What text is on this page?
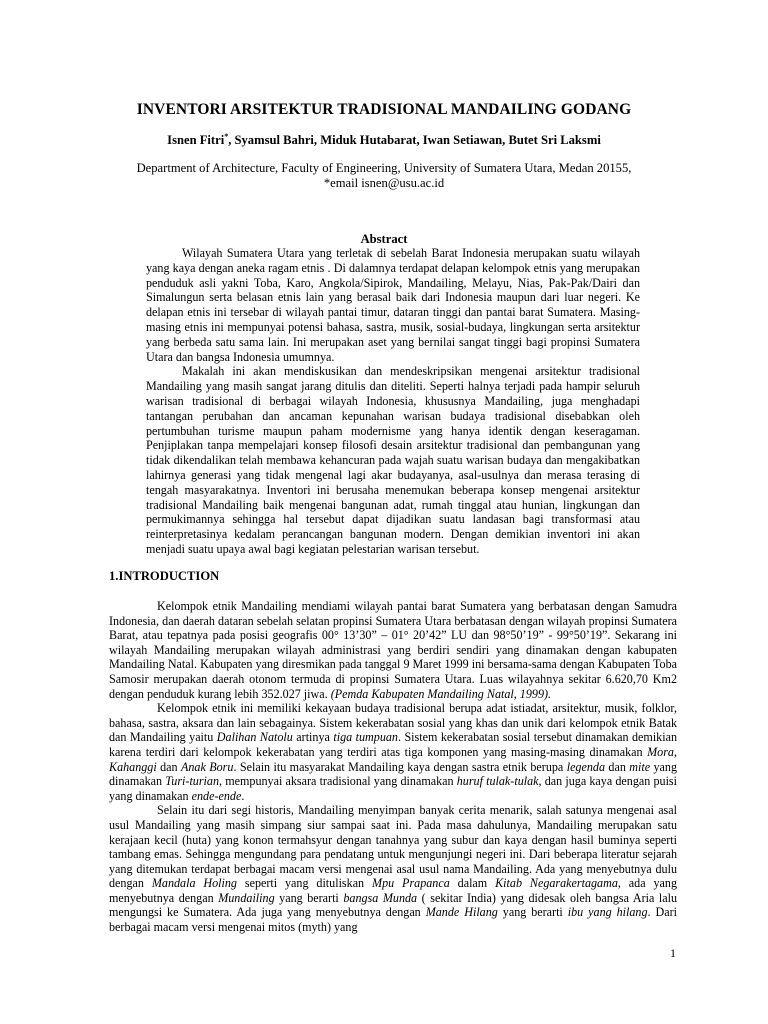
INVENTORI ARSITEKTUR TRADISIONAL MANDAILING GODANG
Isnen Fitri*, Syamsul Bahri, Miduk Hutabarat, Iwan Setiawan, Butet Sri Laksmi
Department of Architecture, Faculty of Engineering, University of Sumatera Utara, Medan 20155,
*email isnen@usu.ac.id
Abstract

Wilayah Sumatera Utara yang terletak di sebelah Barat Indonesia merupakan suatu wilayah yang kaya dengan aneka ragam etnis . Di dalamnya terdapat delapan kelompok etnis yang merupakan penduduk asli yakni Toba, Karo, Angkola/Sipirok, Mandailing, Melayu, Nias, Pak-Pak/Dairi dan Simalungun serta belasan etnis lain yang berasal baik dari Indonesia maupun dari luar negeri. Ke delapan etnis ini tersebar di wilayah pantai timur, dataran tinggi dan pantai barat Sumatera. Masing-masing etnis ini mempunyai potensi bahasa, sastra, musik, sosial-budaya, lingkungan serta arsitektur yang berbeda satu sama lain. Ini merupakan aset yang bernilai sangat tinggi bagi propinsi Sumatera Utara dan bangsa Indonesia umumnya.

Makalah ini akan mendiskusikan dan mendeskripsikan mengenai arsitektur tradisional Mandailing yang masih sangat jarang ditulis dan diteliti. Seperti halnya terjadi pada hampir seluruh warisan tradisional di berbagai wilayah Indonesia, khususnya Mandailing, juga menghadapi tantangan perubahan dan ancaman kepunahan warisan budaya tradisional disebabkan oleh pertumbuhan turisme maupun paham modernisme yang hanya identik dengan keseragaman. Penjiplakan tanpa mempelajari konsep filosofi desain arsitektur tradisional dan pembangunan yang tidak dikendalikan telah membawa kehancuran pada wajah suatu warisan budaya dan mengakibatkan lahirnya generasi yang tidak mengenal lagi akar budayanya, asal-usulnya dan merasa terasing di tengah masyarakatnya. Inventori ini berusaha menemukan beberapa konsep mengenai arsitektur tradisional Mandailing baik mengenai bangunan adat, rumah tinggal atau hunian, lingkungan dan permukimannya sehingga hal tersebut dapat dijadikan suatu landasan bagi transformasi atau reinterpretasinya kedalam perancangan bangunan modern. Dengan demikian inventori ini akan menjadi suatu upaya awal bagi kegiatan pelestarian warisan tersebut.

1.INTRODUCTION

Kelompok etnik Mandailing mendiami wilayah pantai barat Sumatera yang berbatasan dengan Samudra Indonesia, dan daerah dataran sebelah selatan propinsi Sumatera Utara berbatasan dengan wilayah propinsi Sumatera Barat, atau tepatnya pada posisi geografis 00° 13’30” – 01° 20’42” LU dan 98°50’19” - 99°50’19”. Sekarang ini wilayah Mandailing merupakan wilayah administrasi yang berdiri sendiri yang dinamakan dengan kabupaten Mandailing Natal. Kabupaten yang diresmikan pada tanggal 9 Maret 1999 ini bersama-sama dengan Kabupaten Toba Samosir merupakan daerah otonom termuda di propinsi Sumatera Utara. Luas wilayahnya sekitar 6.620,70 Km2 dengan penduduk kurang lebih 352.027 jiwa. (Pemda Kabupaten Mandailing Natal, 1999).

Kelompok etnik ini memiliki kekayaan budaya tradisional berupa adat istiadat, arsitektur, musik, folklor, bahasa, sastra, aksara dan lain sebagainya. Sistem kekerabatan sosial yang khas dan unik dari kelompok etnik Batak dan Mandailing yaitu Dalihan Natolu artinya tiga tumpuan. Sistem kekerabatan sosial tersebut dinamakan demikian karena terdiri dari kelompok kekerabatan yang terdiri atas tiga komponen yang masing-masing dinamakan Mora, Kahanggi dan Anak Boru. Selain itu masyarakat Mandailing kaya dengan sastra etnik berupa legenda dan mite yang dinamakan Turi-turian, mempunyai aksara tradisional yang dinamakan huruf tulak-tulak, dan juga kaya dengan puisi yang dinamakan ende-ende.

Selain itu dari segi historis, Mandailing menyimpan banyak cerita menarik, salah satunya mengenai asal usul Mandailing yang masih simpang siur sampai saat ini. Pada masa dahulunya, Mandailing merupakan satu kerajaan kecil (huta) yang konon termahsyur dengan tanahnya yang subur dan kaya dengan hasil buminya seperti tambang emas. Sehingga mengundang para pendatang untuk mengunjungi negeri ini. Dari beberapa literatur sejarah yang ditemukan terdapat berbagai macam versi mengenai asal usul nama Mandailing. Ada yang menyebutnya dulu dengan Mandala Holing seperti yang dituliskan Mpu Prapanca dalam Kitab Negarakertagama, ada yang menyebutnya dengan Mundailing yang berarti bangsa Munda ( sekitar India) yang didesak oleh bangsa Aria lalu mengungsi ke Sumatera. Ada juga yang menyebutnya dengan Mande Hilang yang berarti ibu yang hilang. Dari berbagai macam versi mengenai mitos (myth) yang

1
